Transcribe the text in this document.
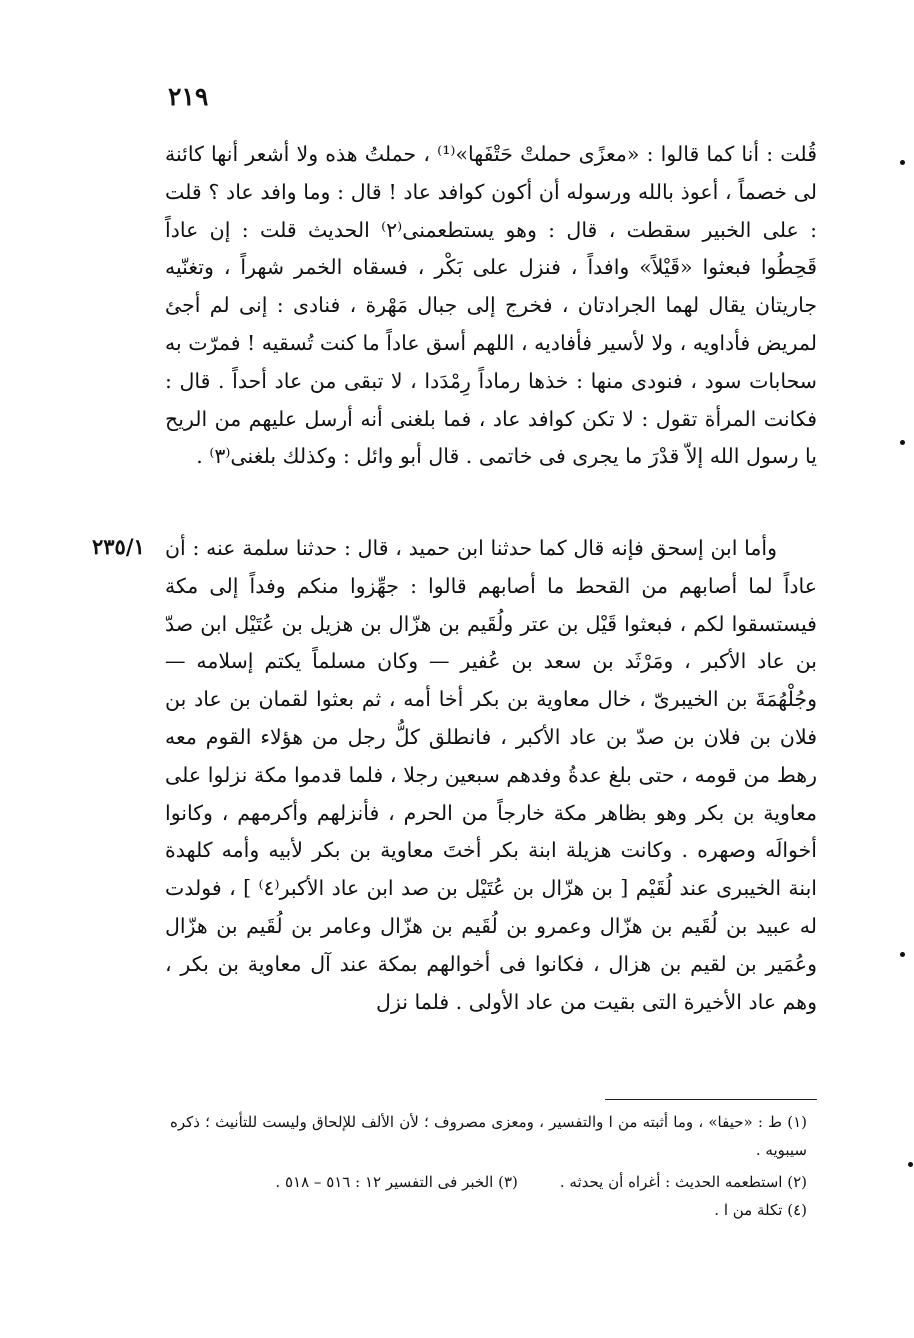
٢١٩

قُلت : أنا كما قالوا : «معزًى حملتْ حَتْفَها»⁽¹⁾ ، حملتُ هذه ولا أشعر أنها كائنة لى خصماً ، أعوذ بالله ورسوله أن أكون كوافد عاد ! قال : وما وافد عاد ؟ قلت : على الخبير سقطت ، قال : وهو يستطعمنى⁽٢⁾ الحديث قلت : إن عاداً قَحِطُوا فبعثوا «قَيْلاً» وافداً ، فنزل على بَكْر ، فسقاه الخمر شهراً ، وتغنّيه جاريتان يقال لهما الجرادتان ، فخرج إلى جبال مَهْرة ، فنادى : إنى لم أجئ لمريض فأداويه ، ولا لأسير فأفاديه ، اللهم أسق عاداً ما كنت تُسقيه ! فمرّت به سحابات سود ، فنودى منها : خذها رماداً رِمْدَدا ، لا تبقى من عاد أحداً . قال : فكانت المرأة تقول : لا تكن كوافد عاد ، فما بلغنى أنه أرسل عليهم من الريح يا رسول الله إلاّ قدْرَ ما يجرى فى خاتمى . قال أبو وائل : وكذلك بلغنى⁽٣⁾ .

٢٣٥/١ وأما ابن إسحق فإنه قال كما حدثنا ابن حميد ، قال : حدثنا سلمة عنه : أن عاداً لما أصابهم من القحط ما أصابهم قالوا : جهِّزوا منكم وفداً إلى مكة فيستسقوا لكم ، فبعثوا قَيْل بن عتر ولُقَيم بن هزّال بن هزيل بن عُتَيْل ابن صدّ بن عاد الأكبر ، ومَرْثَد بن سعد بن عُفير — وكان مسلماً يكتم إسلامه — وجُلْهُمَةَ بن الخيبرىّ ، خال معاوية بن بكر أخا أمه ، ثم بعثوا لقمان بن عاد بن فلان بن فلان بن صدّ بن عاد الأكبر ، فانطلق كلُّ رجل من هؤلاء القوم معه رهط من قومه ، حتى بلغ عدةُ وفدهم سبعين رجلا ، فلما قدموا مكة نزلوا على معاوية بن بكر وهو بظاهر مكة خارجاً من الحرم ، فأنزلهم وأكرمهم ، وكانوا أخوالَه وصهره . وكانت هزيلة ابنة بكر أختَ معاوية بن بكر لأبيه وأمه كلهدة ابنة الخيبرى عند لُقَيْم [ بن هزّال بن عُتَيْل بن صد ابن عاد الأكبر⁽٤⁾ ] ، فولدت له عبيد بن لُقَيم بن هزّال وعمرو بن لُقَيم بن هزّال وعامر بن لُقَيم بن هزّال وعُمَير بن لقيم بن هزال ، فكانوا فى أخوالهم بمكة عند آل معاوية بن بكر ، وهم عاد الأخيرة التى بقيت من عاد الأولى . فلما نزل

(١) ط : «حيفا» ، وما أثبته من ا والتفسير ، ومعزى مصروف ؛ لأن الألف للإلحاق وليست للتأنيث ؛ ذكره سيبويه .

(٢) استطعمه الحديث : أغراه أن يحدثه .
(٣) الخبر فى التفسير ١٢ : ٥١٦ – ٥١٨ .

(٤) تكلة من ا .
